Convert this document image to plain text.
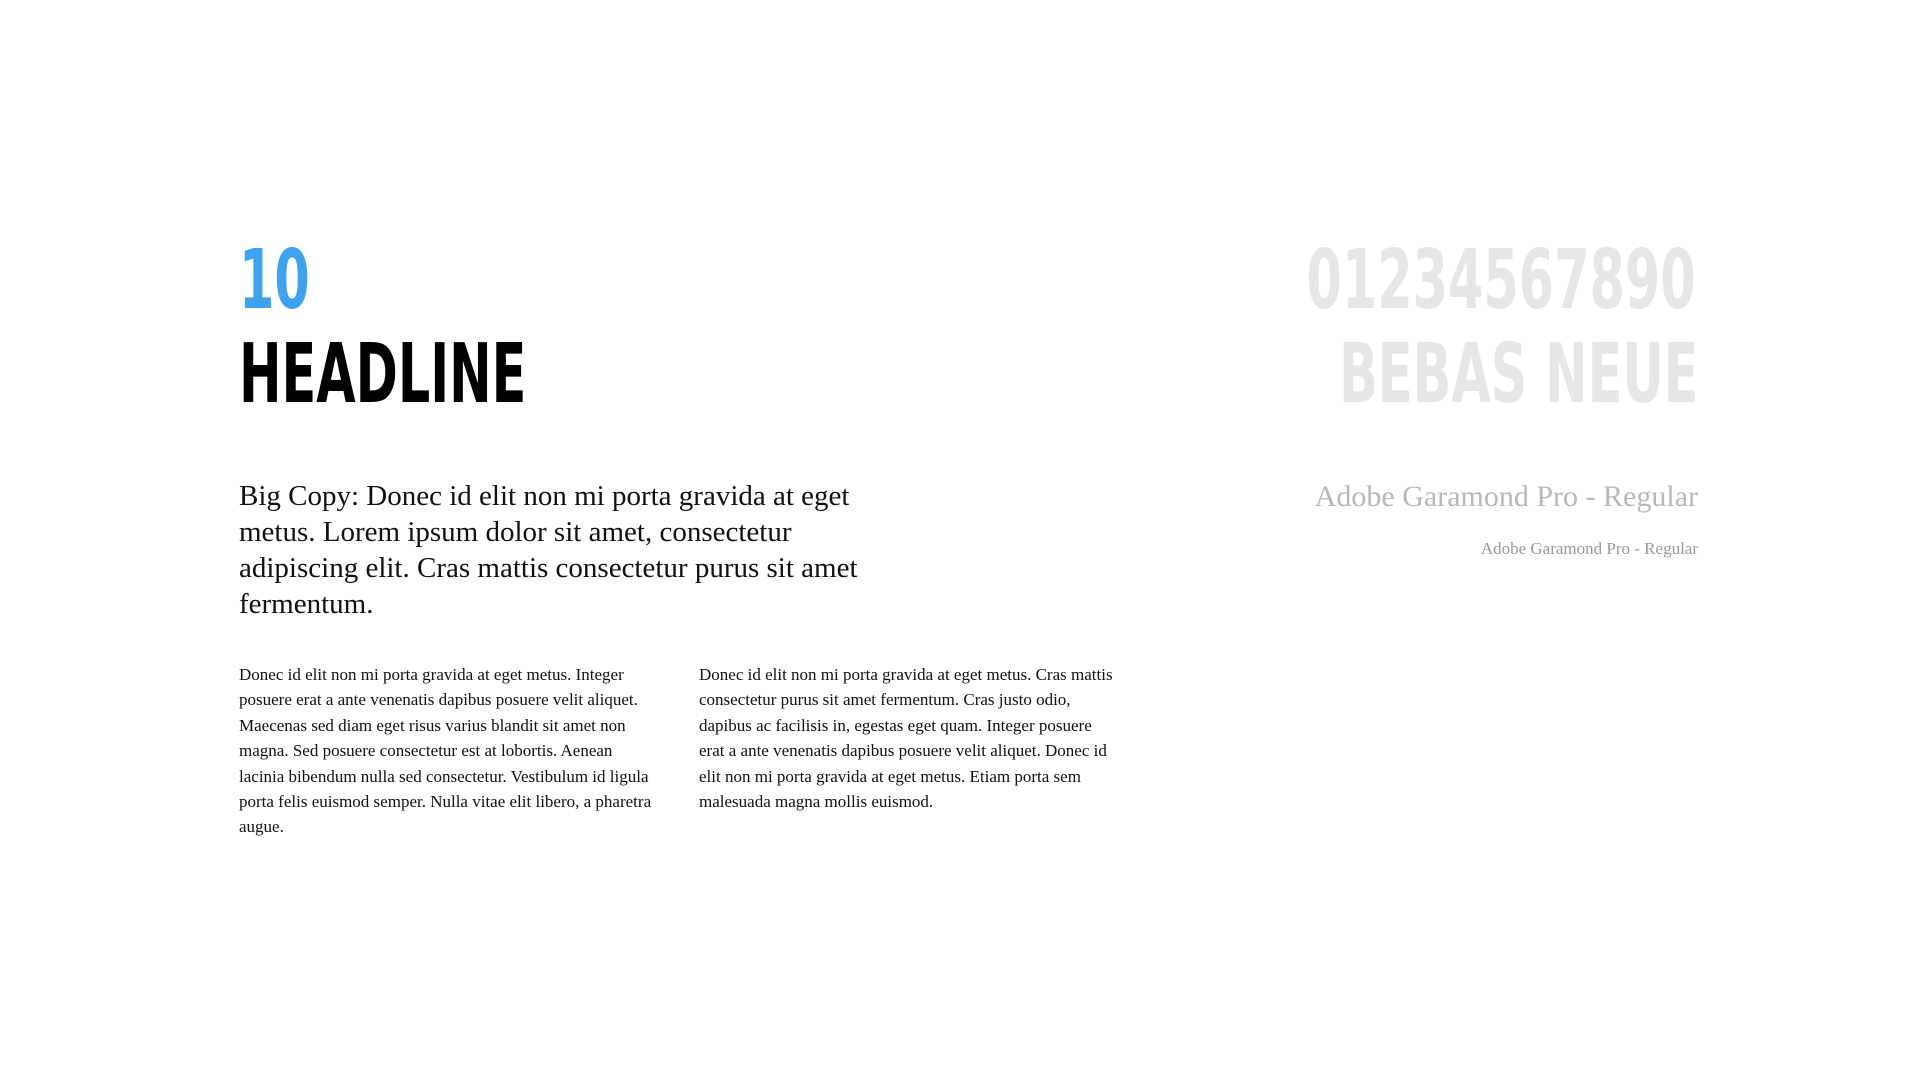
10
HEADLINE
01234567890
BEBAS NEUE
Big Copy: Donec id elit non mi porta gravida at eget metus. Lorem ipsum dolor sit amet, consectetur adipiscing elit. Cras mattis consectetur purus sit amet fermentum.
Adobe Garamond Pro - Regular
Adobe Garamond Pro - Regular
Donec id elit non mi porta gravida at eget metus. Integer posuere erat a ante venenatis dapibus posuere velit aliquet. Maecenas sed diam eget risus varius blandit sit amet non magna. Sed posuere consectetur est at lobortis. Aenean lacinia bibendum nulla sed consectetur. Vestibulum id ligula porta felis euismod semper. Nulla vitae elit libero, a pharetra augue.
Donec id elit non mi porta gravida at eget metus. Cras mattis consectetur purus sit amet fermentum. Cras justo odio, dapibus ac facilisis in, egestas eget quam. Integer posuere erat a ante venenatis dapibus posuere velit aliquet. Donec id elit non mi porta gravida at eget metus. Etiam porta sem malesuada magna mollis euismod.
